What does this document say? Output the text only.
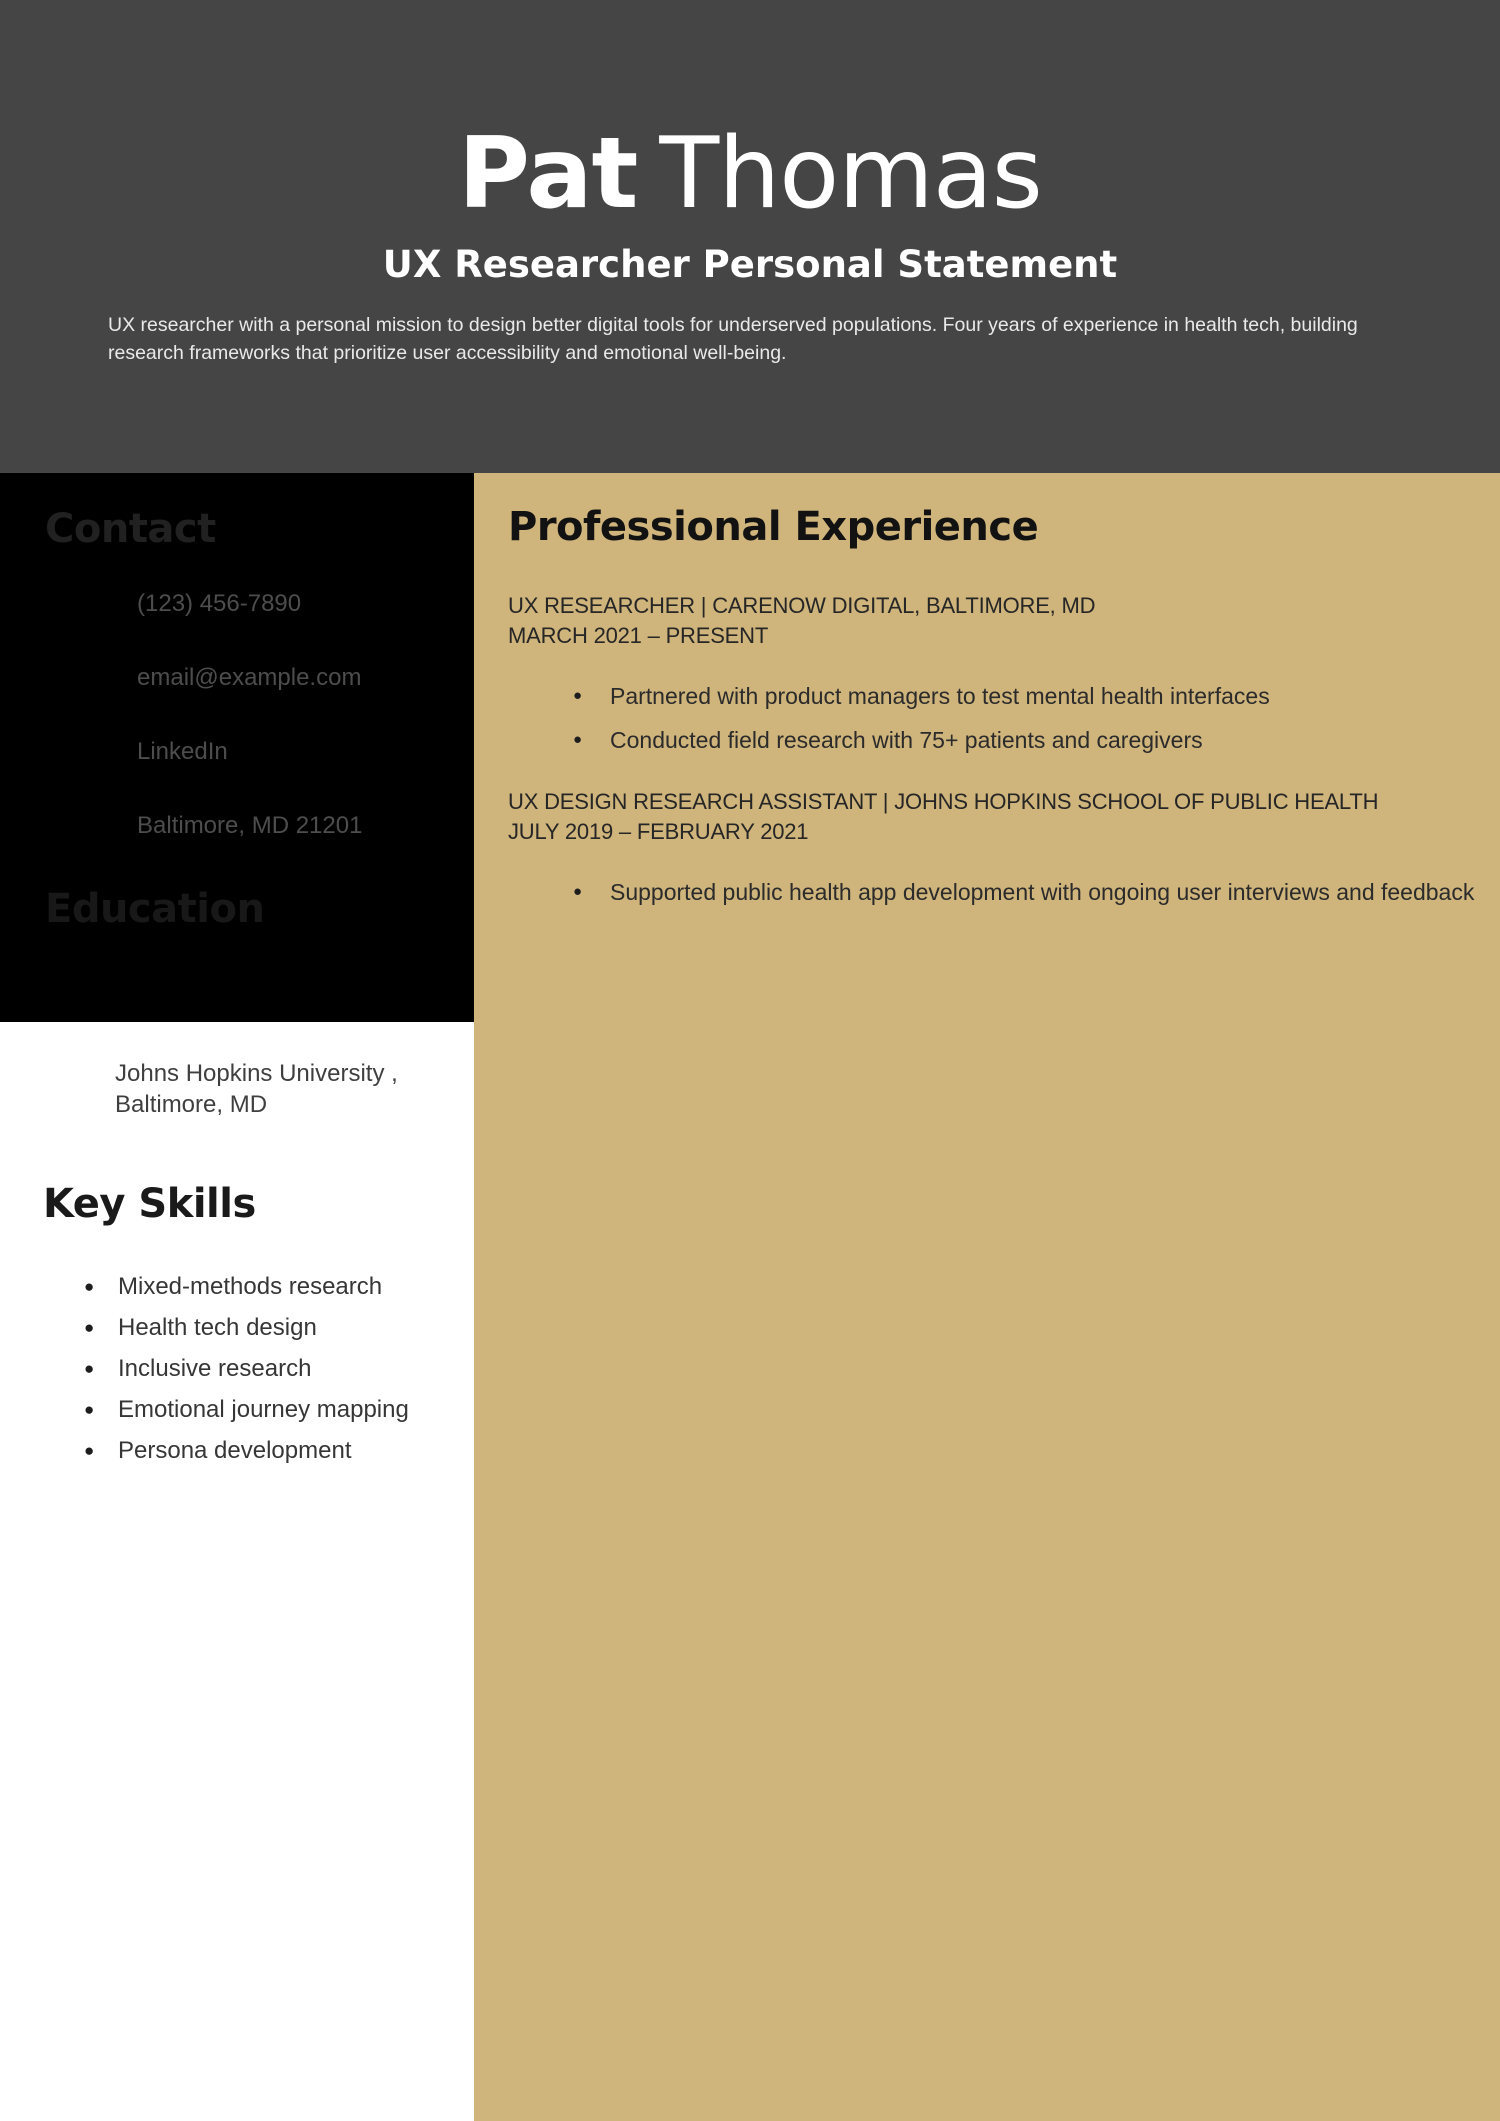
Pat Thomas
UX Researcher Personal Statement

UX researcher with a personal mission to design better digital tools for underserved populations. Four years of experience in health tech, building research frameworks that prioritize user accessibility and emotional well-being.

Contact
(123) 456-7890
email@example.com
LinkedIn
Baltimore, MD 21201
Education

Johns Hopkins University , Baltimore, MD

Key Skills
● Mixed-methods research
● Health tech design
● Inclusive research
● Emotional journey mapping
● Persona development
Professional Experience

UX RESEARCHER | CARENOW DIGITAL, BALTIMORE, MD
MARCH 2021 – PRESENT

● Partnered with product managers to test mental health interfaces
● Conducted field research with 75+ patients and caregivers

UX DESIGN RESEARCH ASSISTANT | JOHNS HOPKINS SCHOOL OF PUBLIC HEALTH
JULY 2019 – FEBRUARY 2021

● Supported public health app development with ongoing user interviews and feedback
